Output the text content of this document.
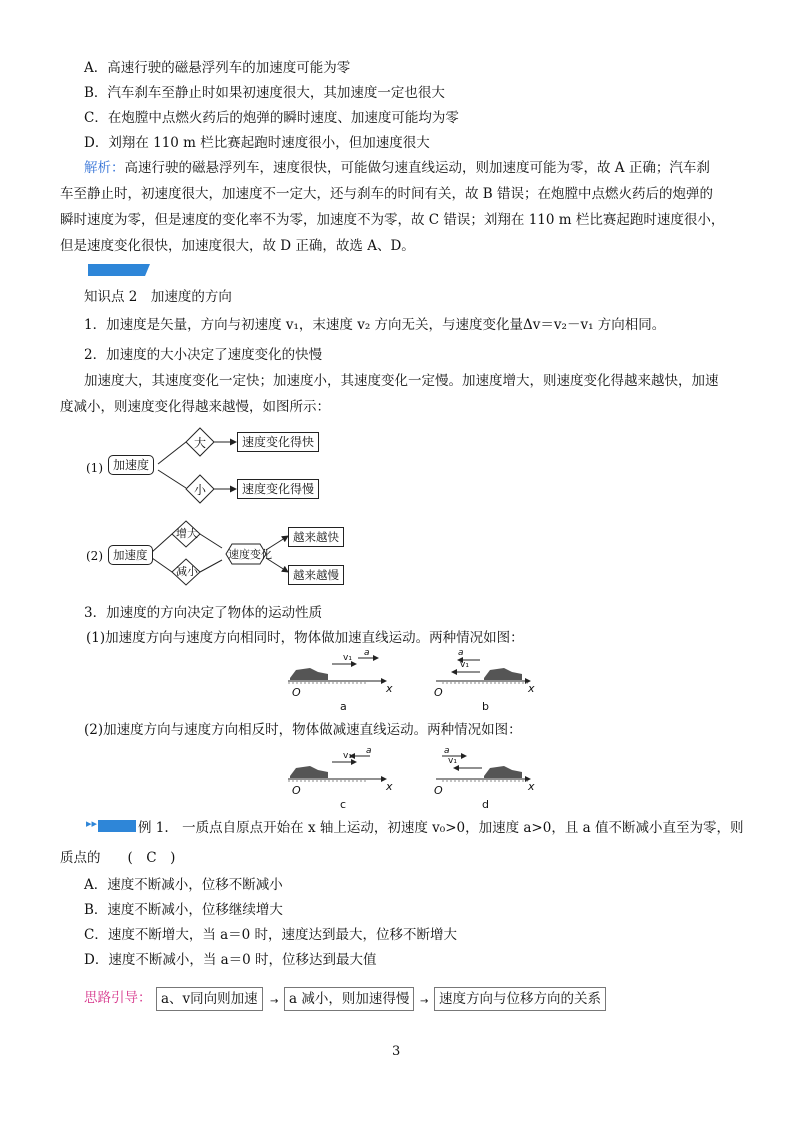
A．高速行驶的磁悬浮列车的加速度可能为零
B．汽车刹车至静止时如果初速度很大，其加速度一定也很大
C．在炮膛中点燃火药后的炮弹的瞬时速度、加速度可能均为零
D．刘翔在 110 m 栏比赛起跑时速度很小，但加速度很大
解析：高速行驶的磁悬浮列车，速度很快，可能做匀速直线运动，则加速度可能为零，故 A 正确；汽车刹
车至静止时，初速度很大，加速度不一定大，还与刹车的时间有关，故 B 错误；在炮膛中点燃火药后的炮弹的
瞬时速度为零，但是速度的变化率不为零，加速度不为零，故 C 错误；刘翔在 110 m 栏比赛起跑时速度很小，
但是速度变化很快，加速度很大，故 D 正确，故选 A、D。
知识点 2　加速度的方向
1．加速度是矢量，方向与初速度 v₁，末速度 v₂ 方向无关，与速度变化量Δv＝v₂－v₁ 方向相同。
2．加速度的大小决定了速度变化的快慢
加速度大，其速度变化一定快；加速度小，其速度变化一定慢。加速度增大，则速度变化得越来越快，加速
度减小，则速度变化得越来越慢，如图所示：
(1) 加速度
大
小
速度变化得快
速度变化得慢
(2) 加速度
增大
减小
速度变化
越来越快
越来越慢
3．加速度的方向决定了物体的运动性质
(1)加速度方向与速度方向相同时，物体做加速直线运动。两种情况如图：
v₁ a
O	x
a
a
v₁
O	x
b
(2)加速度方向与速度方向相反时，物体做减速直线运动。两种情况如图：
v₁ a
O	x
c
a
v₁
O	x
d
▸▸	例 1.　一质点自原点开始在 x 轴上运动，初速度 v₀>0，加速度 a>0，且 a 值不断减小直至为零，则
质点的　　(　C　)
A．速度不断减小，位移不断减小
B．速度不断减小，位移继续增大
C．速度不断增大，当 a＝0 时，速度达到最大，位移不断增大
D．速度不断减小，当 a＝0 时，位移达到最大值
思路引导： a、v同向则加速	→ a 减小，则加速得慢	→ 速度方向与位移方向的关系
3
